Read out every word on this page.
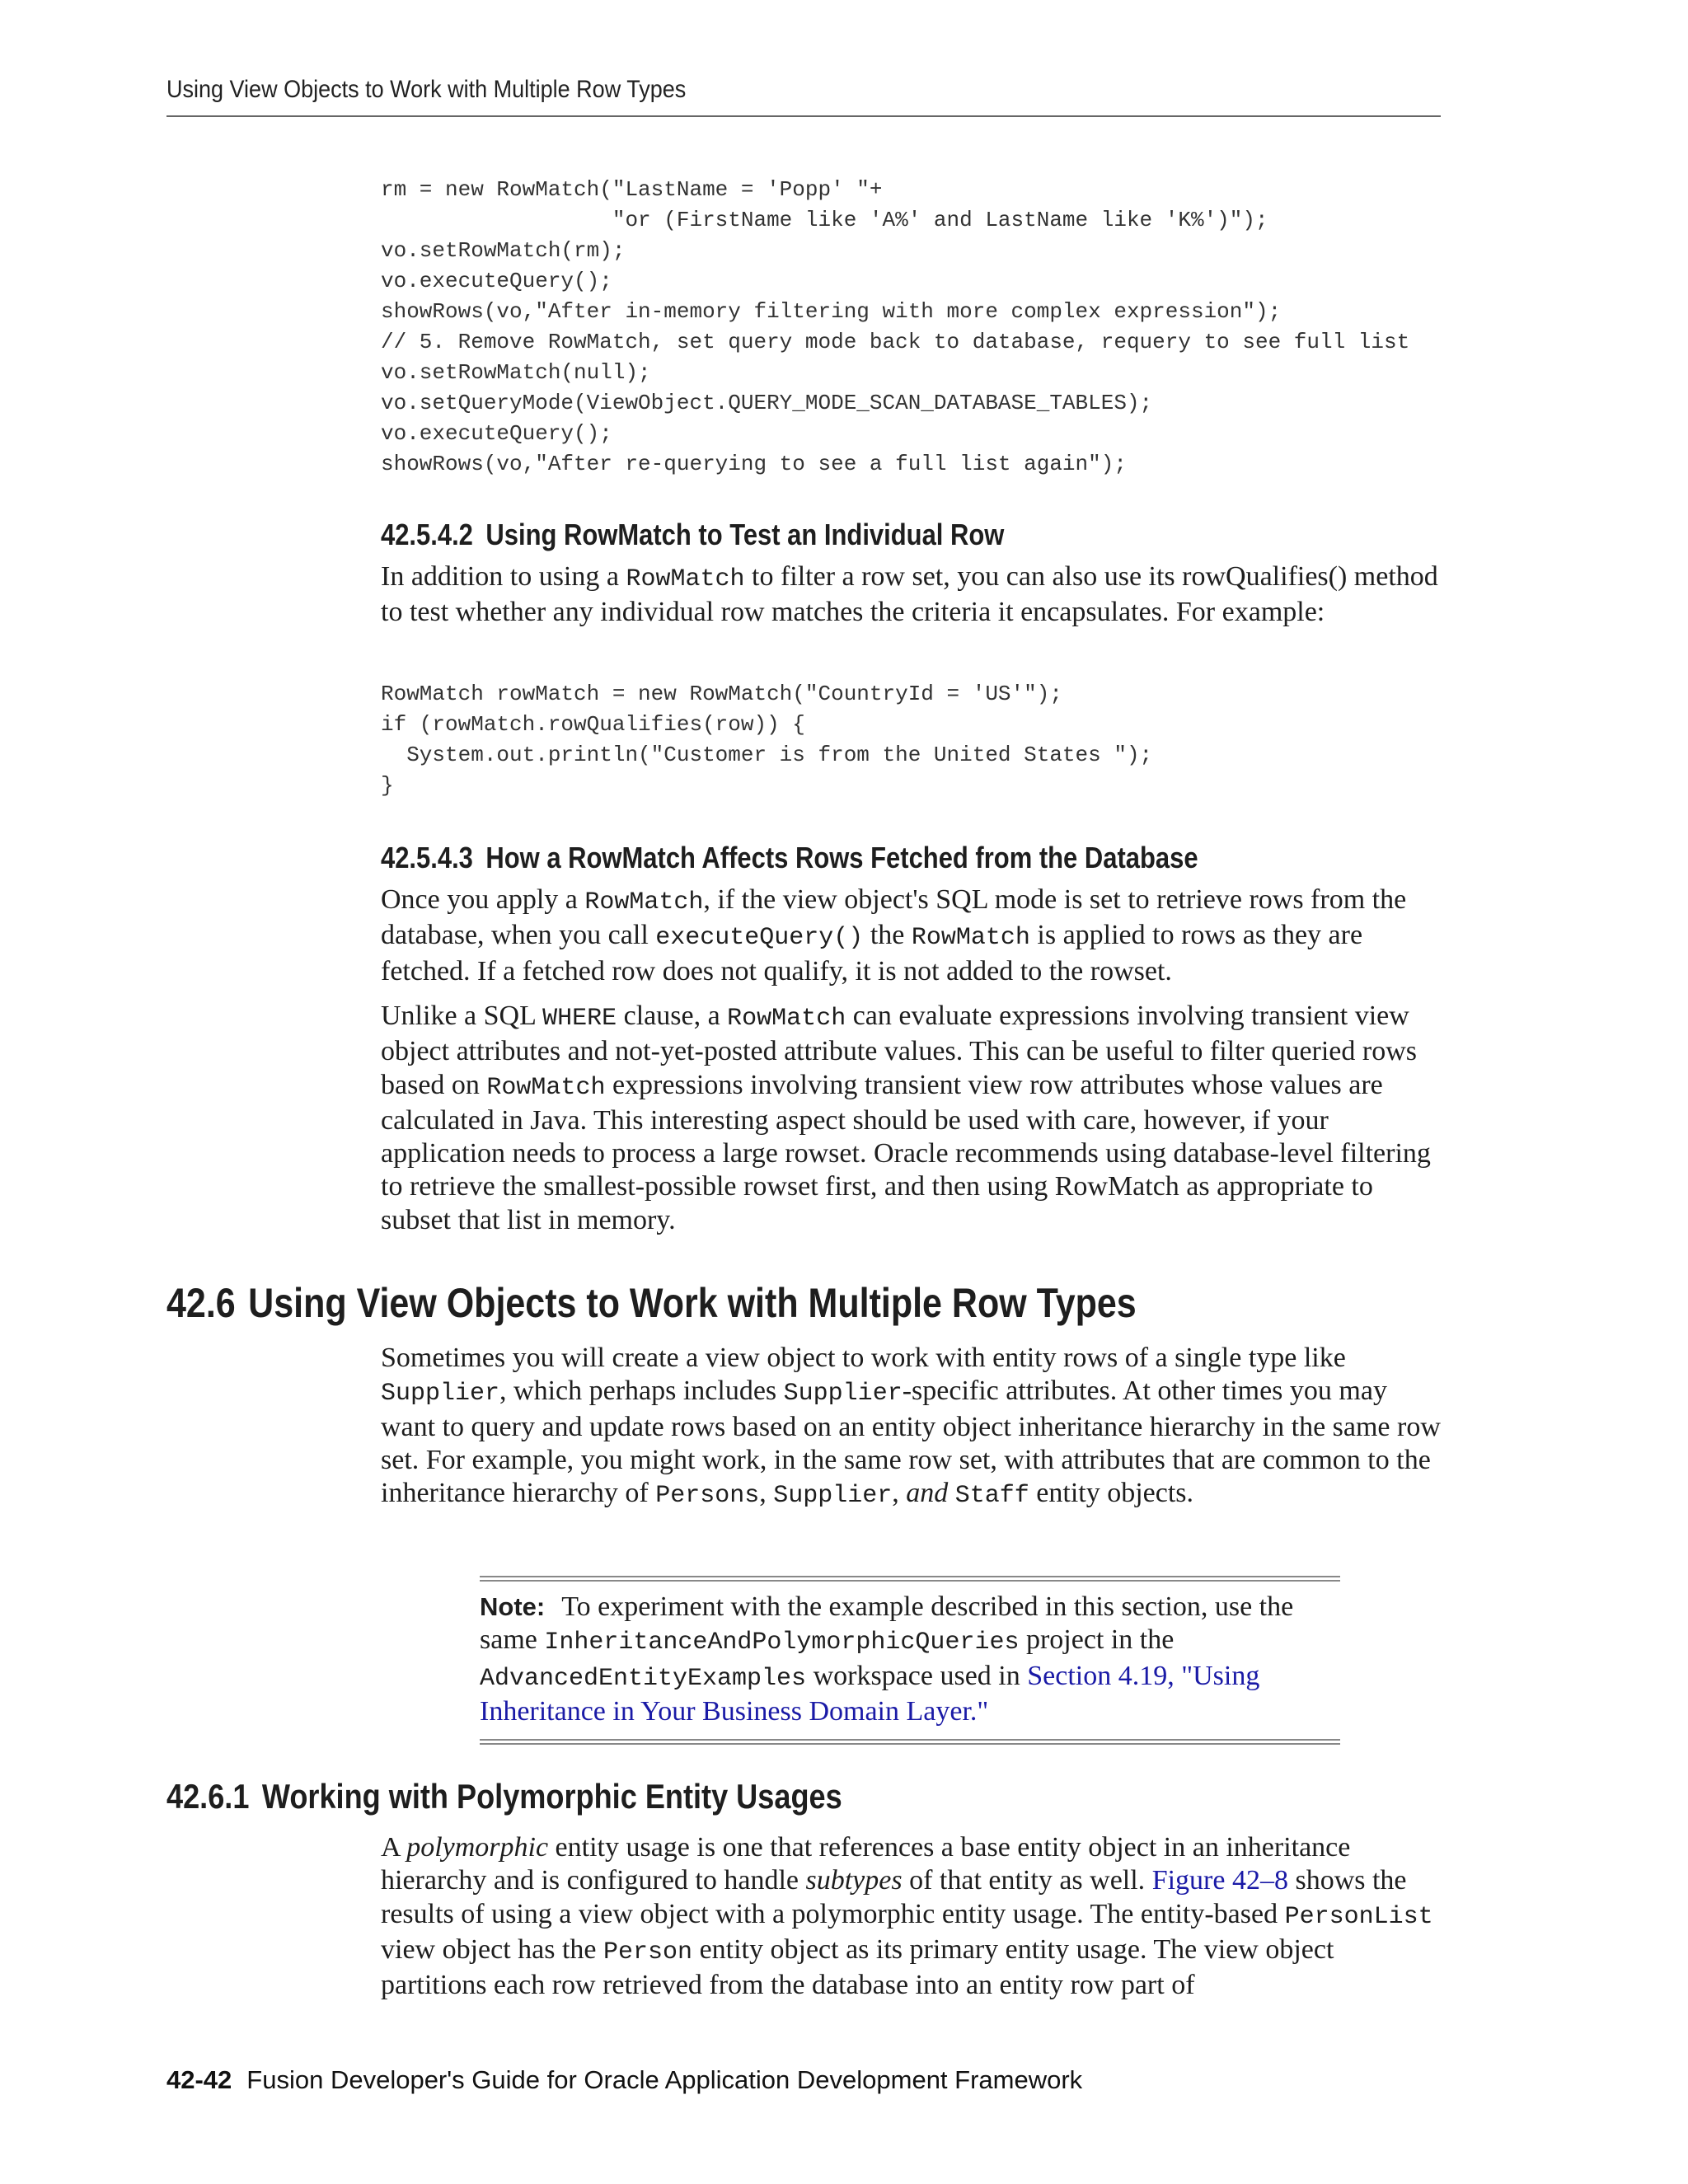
Using View Objects to Work with Multiple Row Types
rm = new RowMatch("LastName = 'Popp' "+
"or (FirstName like 'A%' and LastName like 'K%')");
vo.setRowMatch(rm);
vo.executeQuery();
showRows(vo,"After in-memory filtering with more complex expression");
// 5. Remove RowMatch, set query mode back to database, requery to see full list
vo.setRowMatch(null);
vo.setQueryMode(ViewObject.QUERY_MODE_SCAN_DATABASE_TABLES);
vo.executeQuery();
showRows(vo,"After re-querying to see a full list again");
42.5.4.2 Using RowMatch to Test an Individual Row

In addition to using a RowMatch to filter a row set, you can also use its rowQualifies() method to test whether any individual row matches the criteria it encapsulates. For example:

RowMatch rowMatch = new RowMatch("CountryId = 'US'");
if (rowMatch.rowQualifies(row)) {
System.out.println("Customer is from the United States ");
}
42.5.4.3 How a RowMatch Affects Rows Fetched from the Database

Once you apply a RowMatch, if the view object's SQL mode is set to retrieve rows from the database, when you call executeQuery() the RowMatch is applied to rows as they are fetched. If a fetched row does not qualify, it is not added to the rowset.

Unlike a SQL WHERE clause, a RowMatch can evaluate expressions involving transient view object attributes and not-yet-posted attribute values. This can be useful to filter queried rows based on RowMatch expressions involving transient view row attributes whose values are calculated in Java. This interesting aspect should be used with care, however, if your application needs to process a large rowset. Oracle recommends using database-level filtering to retrieve the smallest-possible rowset first, and then using RowMatch as appropriate to subset that list in memory.

42.6 Using View Objects to Work with Multiple Row Types

Sometimes you will create a view object to work with entity rows of a single type like Supplier, which perhaps includes Supplier-specific attributes. At other times you may want to query and update rows based on an entity object inheritance hierarchy in the same row set. For example, you might work, in the same row set, with attributes that are common to the inheritance hierarchy of Persons, Supplier, and Staff entity objects.

Note: To experiment with the example described in this section, use the same InheritanceAndPolymorphicQueries project in the AdvancedEntityExamples workspace used in Section 4.19, "Using Inheritance in Your Business Domain Layer."

42.6.1 Working with Polymorphic Entity Usages

A polymorphic entity usage is one that references a base entity object in an inheritance hierarchy and is configured to handle subtypes of that entity as well. Figure 42–8 shows the results of using a view object with a polymorphic entity usage. The entity-based PersonList view object has the Person entity object as its primary entity usage. The view object partitions each row retrieved from the database into an entity row part of

42-42 Fusion Developer's Guide for Oracle Application Development Framework
